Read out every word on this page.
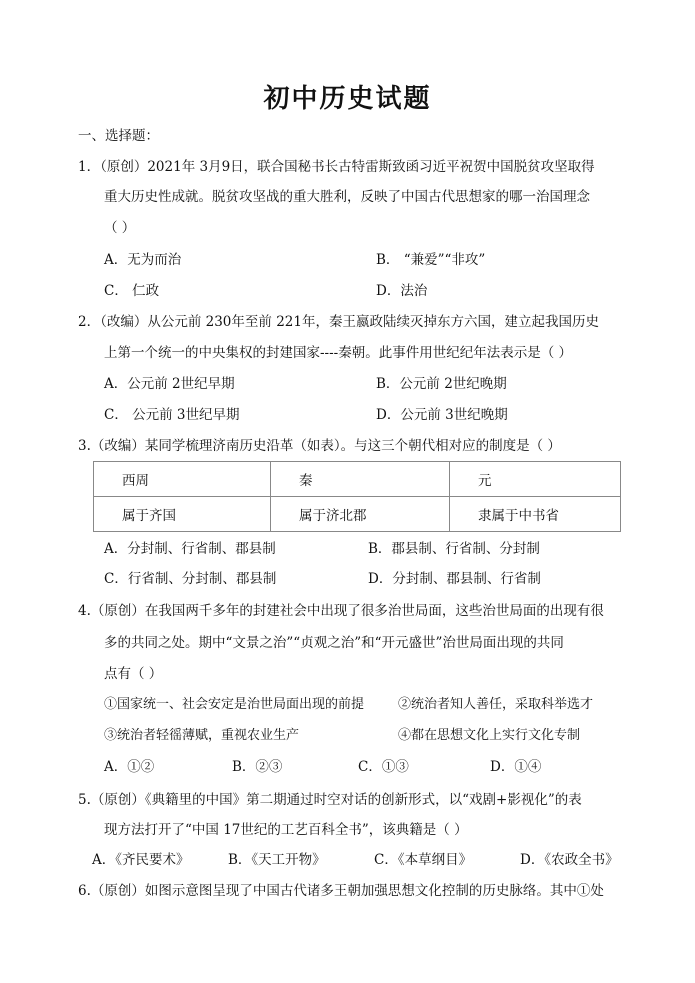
初中历史试题
一、选择题：
1．（原创）2021年 3月9日，联合国秘书长古特雷斯致函习近平祝贺中国脱贫攻坚取得
重大历史性成就。脱贫攻坚战的重大胜利，反映了中国古代思想家的哪一治国理念
（ ）
A．无为而治	B． “兼爱”“非攻”
C． 仁政	D．法治
2．（改编）从公元前 230年至前 221年，秦王嬴政陆续灭掉东方六国，建立起我国历史
上第一个统一的中央集权的封建国家----秦朝。此事件用世纪纪年法表示是（ ）
A．公元前 2世纪早期	B．公元前 2世纪晚期
C． 公元前 3世纪早期	D．公元前 3世纪晚期
3.（改编）某同学梳理济南历史沿革（如表）。与这三个朝代相对应的制度是（ ）
西周	秦	元
属于齐国	属于济北郡	隶属于中书省
A．分封制、行省制、郡县制	B．郡县制、行省制、分封制
C．行省制、分封制、郡县制	D．分封制、郡县制、行省制
4.（原创）在我国两千多年的封建社会中出现了很多治世局面，这些治世局面的出现有很
多的共同之处。期中“文景之治”“贞观之治”和“开元盛世”治世局面出现的共同
点有（ ）
①国家统一、社会安定是治世局面出现的前提	②统治者知人善任，采取科举选才
③统治者轻徭薄赋，重视农业生产	④都在思想文化上实行文化专制
A．①②	B．②③	C．①③	D．①④
5.（原创）《典籍里的中国》第二期通过时空对话的创新形式，以“戏剧+影视化”的表
现方法打开了“中国 17世纪的工艺百科全书”，该典籍是（ ）
A．《齐民要术》	B．《天工开物》	C．《本草纲目》	D．《农政全书》
6.（原创）如图示意图呈现了中国古代诸多王朝加强思想文化控制的历史脉络。其中①处
